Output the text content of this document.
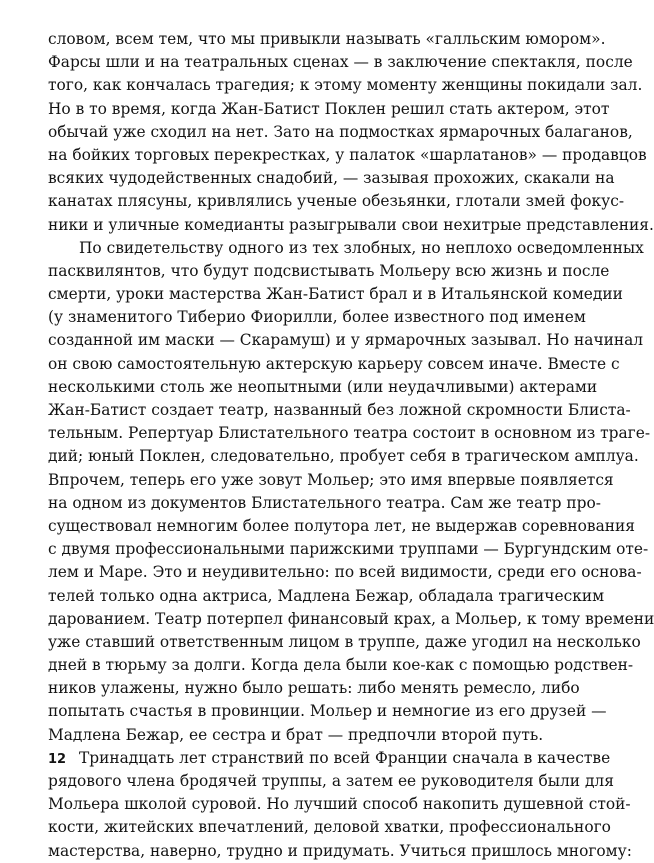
словом, всем тем, что мы привыкли называть «галльским юмором».
Фарсы шли и на театральных сценах — в заключение спектакля, после
того, как кончалась трагедия; к этому моменту женщины покидали зал.
Но в то время, когда Жан-Батист Поклен решил стать актером, этот
обычай уже сходил на нет. Зато на подмостках ярмарочных балаганов,
на бойких торговых перекрестках, у палаток «шарлатанов» — продавцов
всяких чудодейственных снадобий, — зазывая прохожих, скакали на
канатах плясуны, кривлялись ученые обезьянки, глотали змей фокус-
ники и уличные комедианты разыгрывали свои нехитрые представления.
По свидетельству одного из тех злобных, но неплохо осведомленных
пасквилянтов, что будут подсвистывать Мольеру всю жизнь и после
смерти, уроки мастерства Жан-Батист брал и в Итальянской комедии
(у знаменитого Тиберио Фиорилли, более известного под именем
созданной им маски — Скарамуш) и у ярмарочных зазывал. Но начинал
он свою самостоятельную актерскую карьеру совсем иначе. Вместе с
несколькими столь же неопытными (или неудачливыми) актерами
Жан-Батист создает театр, названный без ложной скромности Блиста-
тельным. Репертуар Блистательного театра состоит в основном из траге-
дий; юный Поклен, следовательно, пробует себя в трагическом амплуа.
Впрочем, теперь его уже зовут Мольер; это имя впервые появляется
на одном из документов Блистательного театра. Сам же театр про-
существовал немногим более полутора лет, не выдержав соревнования
с двумя профессиональными парижскими труппами — Бургундским оте-
лем и Маре. Это и неудивительно: по всей видимости, среди его основа-
телей только одна актриса, Мадлена Бежар, обладала трагическим
дарованием. Театр потерпел финансовый крах, а Мольер, к тому времени
уже ставший ответственным лицом в труппе, даже угодил на несколько
дней в тюрьму за долги. Когда дела были кое-как с помощью родствен-
ников улажены, нужно было решать: либо менять ремесло, либо
попытать счастья в провинции. Мольер и немногие из его друзей —
Мадлена Бежар, ее сестра и брат — предпочли второй путь.
Тринадцать лет странствий по всей Франции сначала в качестве
рядового члена бродячей труппы, а затем ее руководителя были для
Мольера школой суровой. Но лучший способ накопить душевной стой-
кости, житейских впечатлений, деловой хватки, профессионального
мастерства, наверно, трудно и придумать. Учиться пришлось многому:
12
